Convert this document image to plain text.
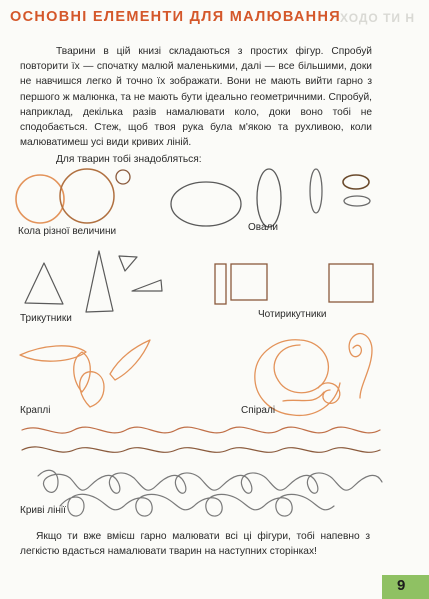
ОСНОВНІ ЕЛЕМЕНТИ ДЛЯ МАЛЮВАННЯ ХОДО ТИ Н

Тварини в цій книзі складаються з простих фігур. Спробуй повторити їх — спочатку малюй маленькими, далі — все більшими, доки не навчишся легко й точно їх зображати. Вони не мають вийти гарно з першого ж малюнка, та не мають бути ідеально геометричними. Спробуй, наприклад, декілька разів намалювати коло, доки воно тобі не сподобається. Стеж, щоб твоя рука була м'якою та рухливою, коли малюватимеш усі види кривих ліній.

Для тварин тобі знадобляться:
Кола різної величини	Овали
Трикутники	Чотирикутники
Краплі	Спіралі
Криві лінії

Якщо ти вже вмієш гарно малювати всі ці фігури, тобі напевно з легкістю вдасться намалювати тварин на наступних сторінках!

9
